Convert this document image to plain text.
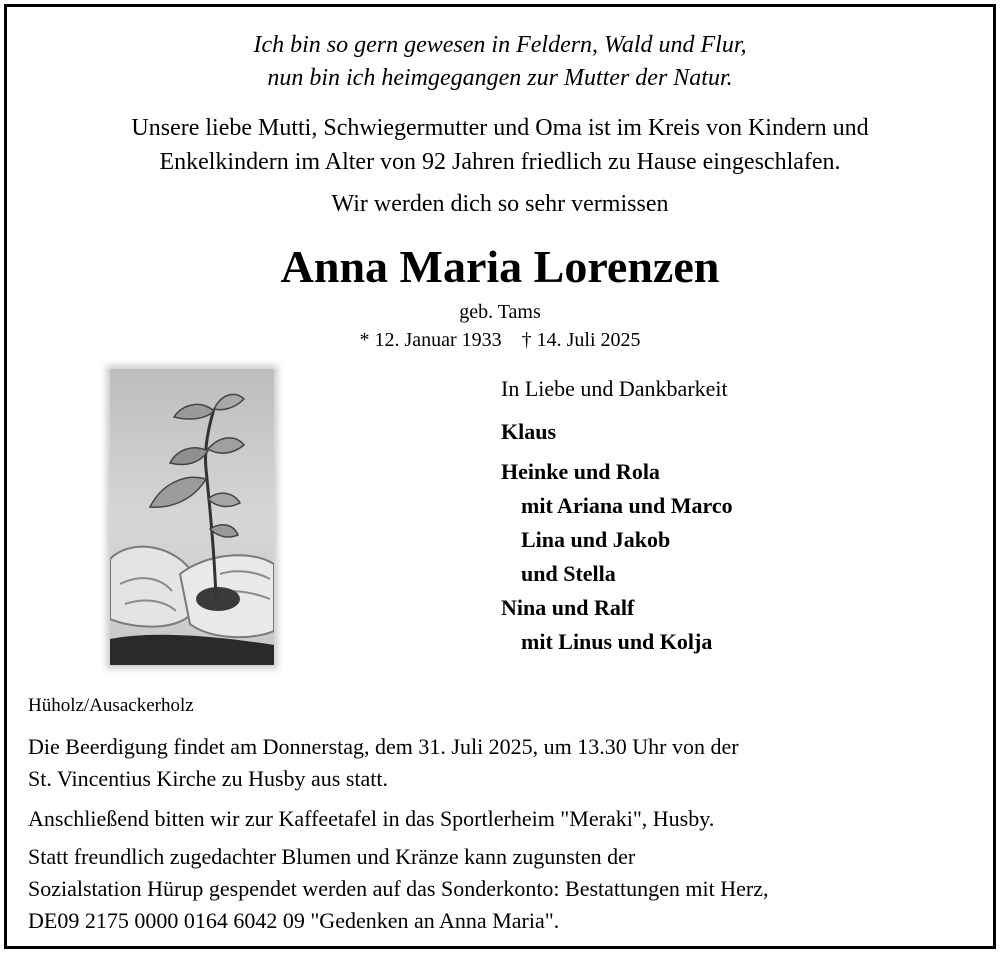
Ich bin so gern gewesen in Feldern, Wald und Flur,
nun bin ich heimgegangen zur Mutter der Natur.
Unsere liebe Mutti, Schwiegermutter und Oma ist im Kreis von Kindern und
Enkelkindern im Alter von 92 Jahren friedlich zu Hause eingeschlafen.
Wir werden dich so sehr vermissen
Anna Maria Lorenzen
geb. Tams
* 12. Januar 1933 † 14. Juli 2025
In Liebe und Dankbarkeit
Klaus
Heinke und Rola
mit Ariana und Marco
Lina und Jakob
und Stella
Nina und Ralf
mit Linus und Kolja
Hüholz/Ausackerholz
Die Beerdigung findet am Donnerstag, dem 31. Juli 2025, um 13.30 Uhr von der
St. Vincentius Kirche zu Husby aus statt.
Anschließend bitten wir zur Kaffeetafel in das Sportlerheim "Meraki", Husby.
Statt freundlich zugedachter Blumen und Kränze kann zugunsten der
Sozialstation Hürup gespendet werden auf das Sonderkonto: Bestattungen mit Herz,
DE09 2175 0000 0164 6042 09 "Gedenken an Anna Maria".
